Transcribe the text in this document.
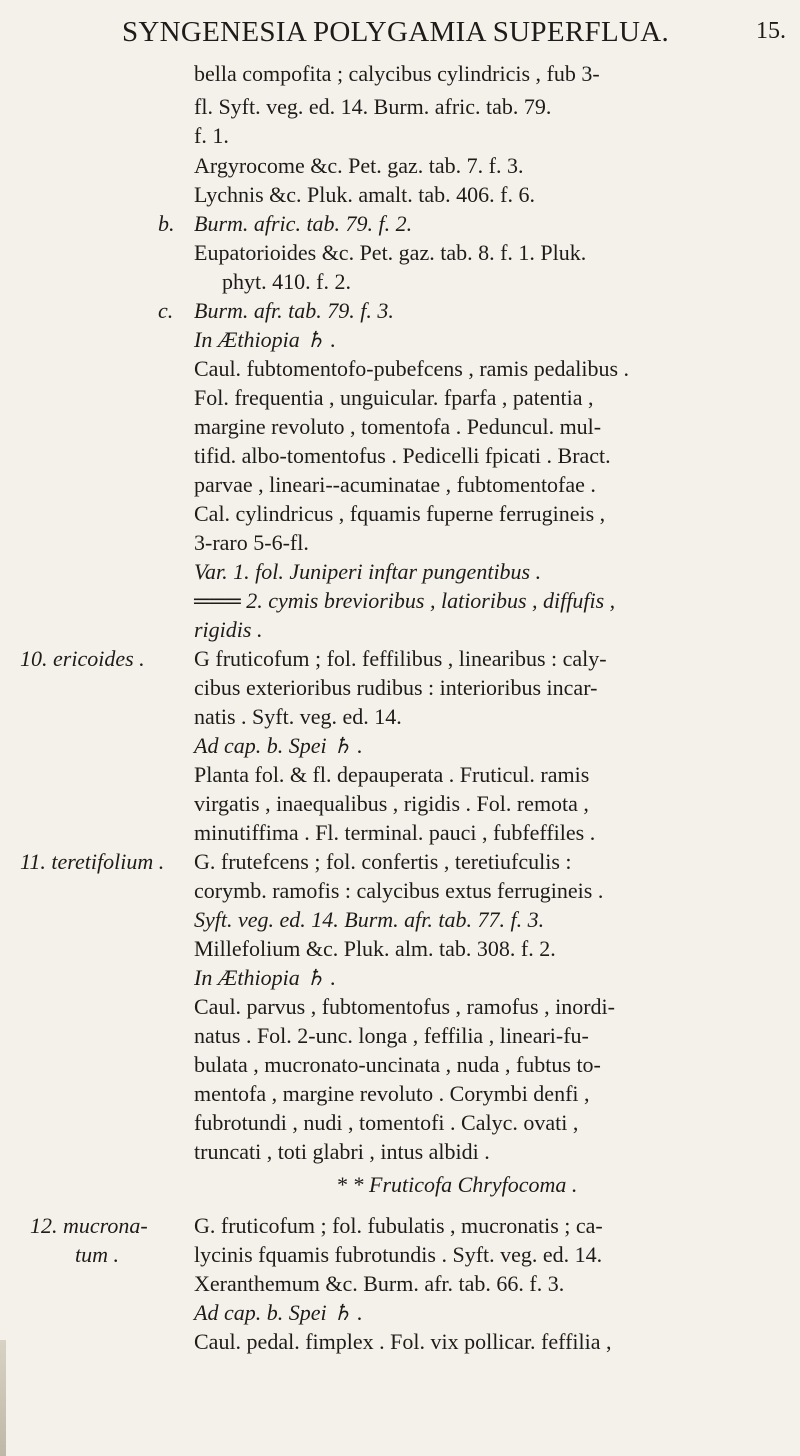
SYNGENESIA POLYGAMIA SUPERFLUA.	15.
bella compofita ; calycibus cylindricis , fub 3-
fl. Syft. veg. ed. 14. Burm. afric. tab. 79.
f. 1.
Argyrocome &c. Pet. gaz. tab. 7. f. 3.
Lychnis &c. Pluk. amalt. tab. 406. f. 6.
Burm. afric. tab. 79. f. 2.
Eupatorioides &c. Pet. gaz. tab. 8. f. 1. Pluk.
phyt. 410. f. 2.
Burm. afr. tab. 79. f. 3.
In Æthiopia ♄ .
Caul. fubtomentofo-pubefcens , ramis pedalibus .
Fol. frequentia , unguicular. fparfa , patentia ,
margine revoluto , tomentofa . Peduncul. mul-
tifid. albo-tomentofus . Pedicelli fpicati . Bract.
parvae , lineari--acuminatae , fubtomentofae .
Cal. cylindricus , fquamis fuperne ferrugineis ,
3-raro 5-6-fl.
Var. 1. fol. Juniperi inftar pungentibus .
═══ 2. cymis brevioribus , latioribus , diffufis ,
rigidis .
G fruticofum ; fol. feffilibus , linearibus : caly-
cibus exterioribus rudibus : interioribus incar-
natis . Syft. veg. ed. 14.
Ad cap. b. Spei ♄ .
Planta fol. & fl. depauperata . Fruticul. ramis
virgatis , inaequalibus , rigidis . Fol. remota ,
minutiffima . Fl. terminal. pauci , fubfeffiles .
G. frutefcens ; fol. confertis , teretiufculis :
corymb. ramofis : calycibus extus ferrugineis .
Syft. veg. ed. 14. Burm. afr. tab. 77. f. 3.
Millefolium &c. Pluk. alm. tab. 308. f. 2.
In Æthiopia ♄ .
Caul. parvus , fubtomentofus , ramofus , inordi-
natus . Fol. 2-unc. longa , feffilia , lineari-fu-
bulata , mucronato-uncinata , nuda , fubtus to-
mentofa , margine revoluto . Corymbi denfi ,
fubrotundi , nudi , tomentofi . Calyc. ovati ,
truncati , toti glabri , intus albidi .
* * Fruticofa Chryfocoma .
G. fruticofum ; fol. fubulatis , mucronatis ; ca-
lycinis fquamis fubrotundis . Syft. veg. ed. 14.
Xeranthemum &c. Burm. afr. tab. 66. f. 3.
Ad cap. b. Spei ♄ .
Caul. pedal. fimplex . Fol. vix pollicar. feffilia ,
b.
c.
10. ericoides .
11. teretifolium .
12. mucrona-
tum .
